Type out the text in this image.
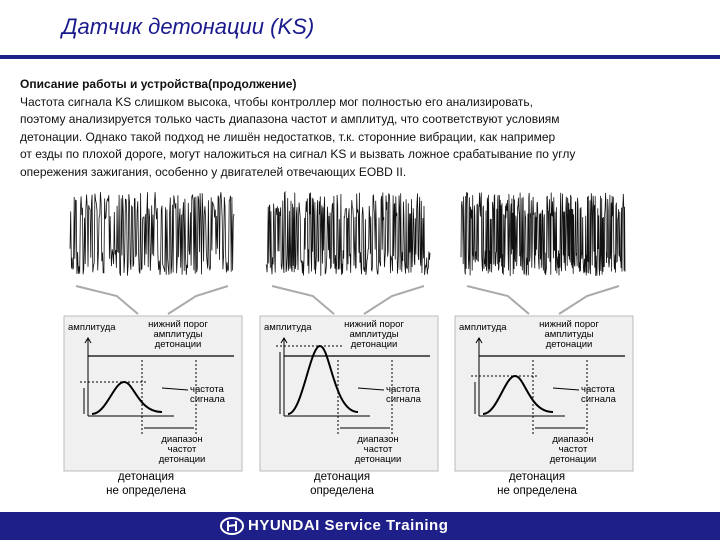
Датчик детонации (KS)

Описание работы и устройства(продолжение)

Частота сигнала KS слишком высока, чтобы контроллер мог полностью его анализировать,

поэтому анализируется только часть диапазона частот и амплитуд, что соответствуют условиям

детонации. Однако такой подход не лишён недостатков, т.к. сторонние вибрации, как например

от езды по плохой дороге, могут наложиться на сигнал KS и вызвать ложное срабатывание по углу

опережения зажигания, особенно у двигателей отвечающих EOBD II.

амплитуда	нижний порог
амплитуды
детонации
частота
сигнала
диапазон
частот
детонации
детонация
не определена
амплитуда	нижний порог
амплитуды
детонации
частота
сигнала
диапазон
частот
детонации
детонация
определена
амплитуда	нижний порог
амплитуды
детонации
частота
сигнала
диапазон
частот
детонации
детонация
не определена
HYUNDAI Service Training
